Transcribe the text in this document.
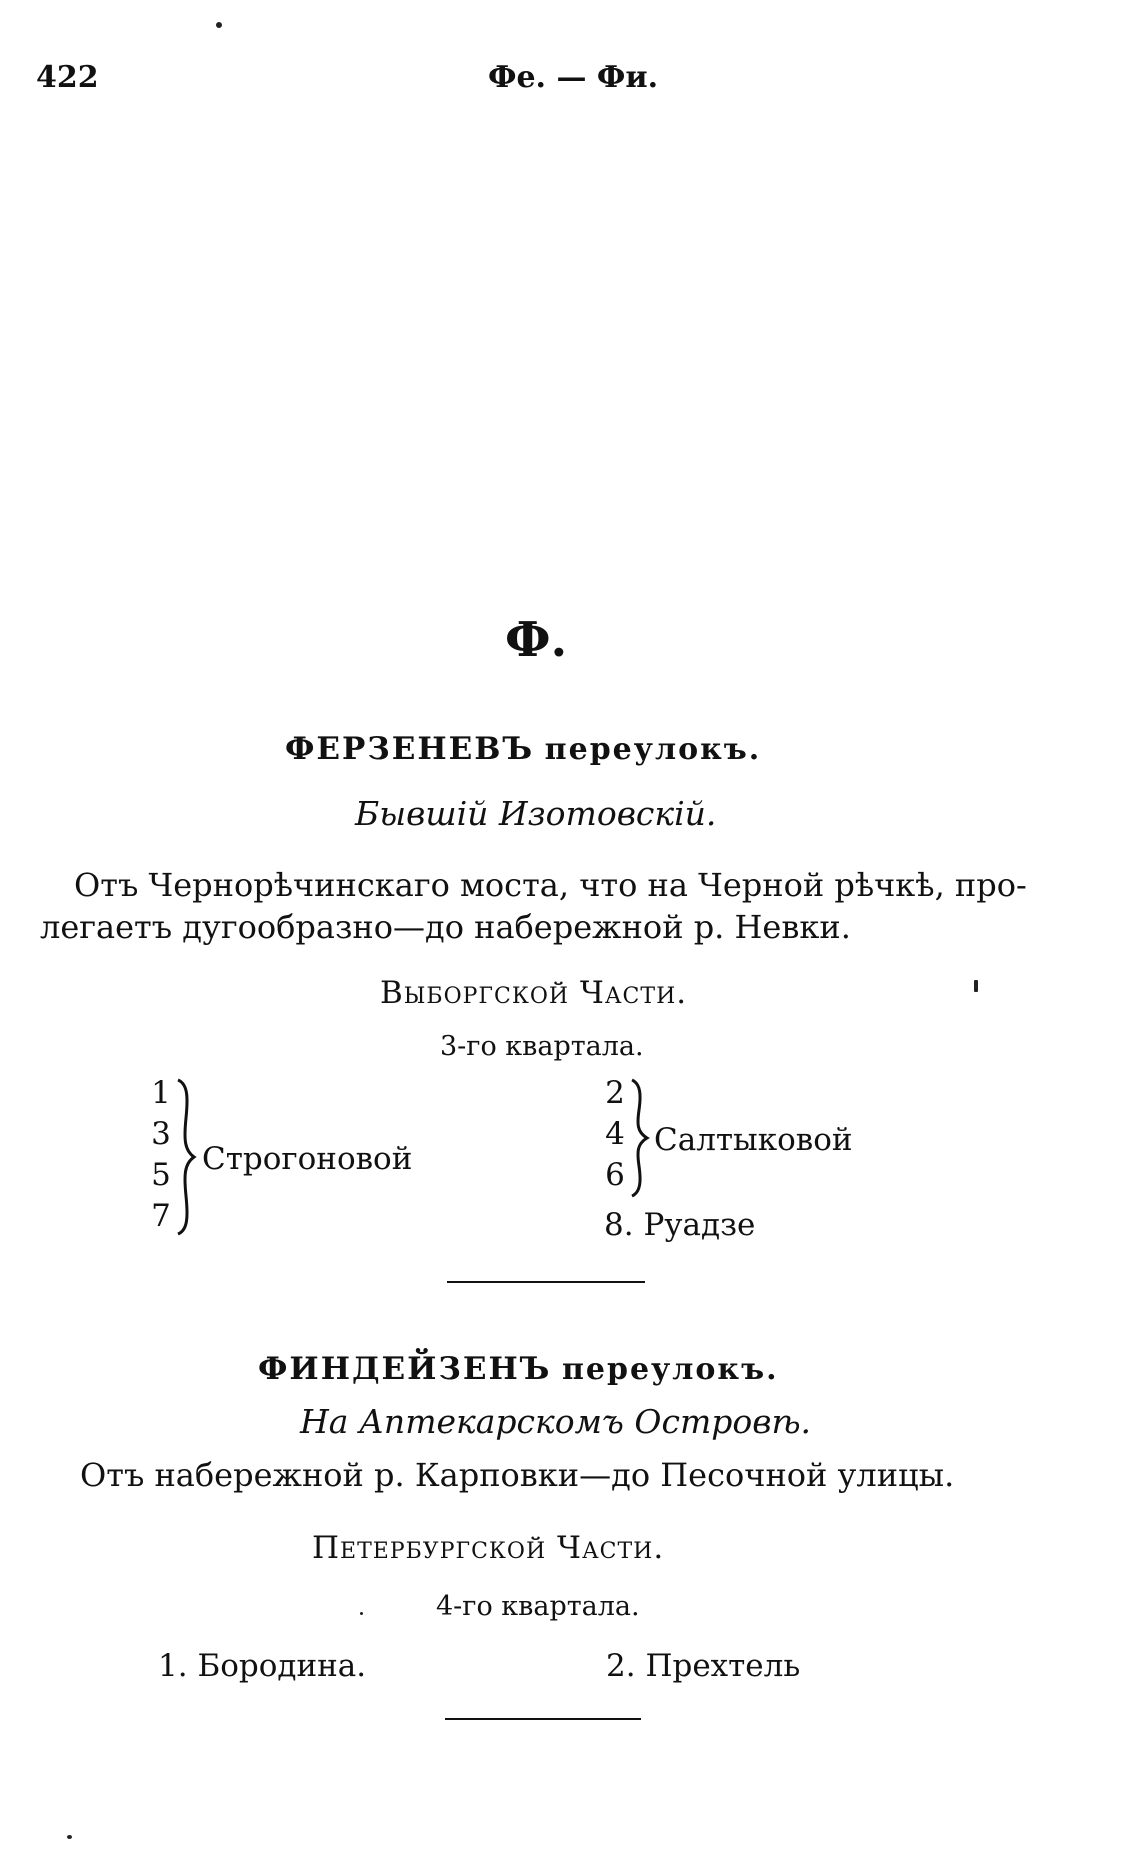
422	Фе. — Фи.
Ф.
ФЕРЗЕНЕВЪ переулокъ.
Бывшій Изотовскій.
Отъ Чернорѣчинскаго моста, что на Черной рѣчкѣ, про-
легаетъ дугообразно—до набережной р. Невки.
Выборгской Части.
3-го квартала.
1
3
5
7
Строгоновой
2
4
6
Салтыковой
8. Руадзе
ФИНДЕЙЗЕНЪ переулокъ.
На Аптекарскомъ Островѣ.
Отъ набережной р. Карповки—до Песочной улицы.
Петербургской Части.
4-го квартала.
1. Бородина.	2. Прехтель
